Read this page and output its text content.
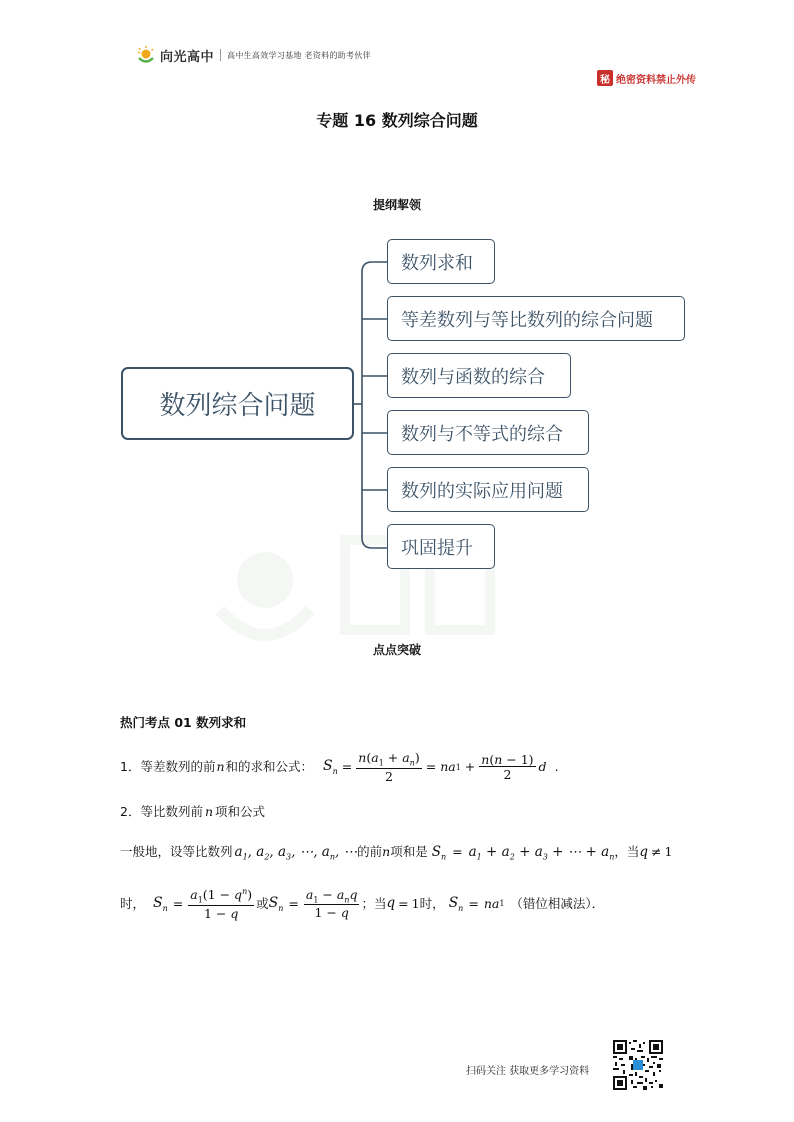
向光高中 高中生高效学习基地 老资料的助考伙伴
秘 绝密资料禁止外传
专题 16 数列综合问题
提纲挈领
数列综合问题
数列求和
等差数列与等比数列的综合问题
数列与函数的综合
数列与不等式的综合
数列的实际应用问题
巩固提升
点点突破
热门考点 01 数列求和
1．等差数列的前 n 和的求和公式： $S_n = \frac{n(a_1 + a_n)}{2}$ = na $1 + \frac{n(n - 1)}{2}$ d .
2．等比数列前 n 项和公式
一般地，设等比数列 $a_1$, $a_2$, $a_3$, ⋯, $a_n$, ⋯ 的前 n 项和是 $S_n = a_1 + a_2 + a_3$ + ⋯ + $a_n$ ，当 q ≠ 1
时， $S_n = \frac{a_1(1 - q^n)}{1 - q}$ 或 $S_n = \frac{a_1 - a_nq}{1 - q}$ ；当 q = 1 时， $S_n$ = na 1 （错位相减法）．
扫码关注 获取更多学习资料
